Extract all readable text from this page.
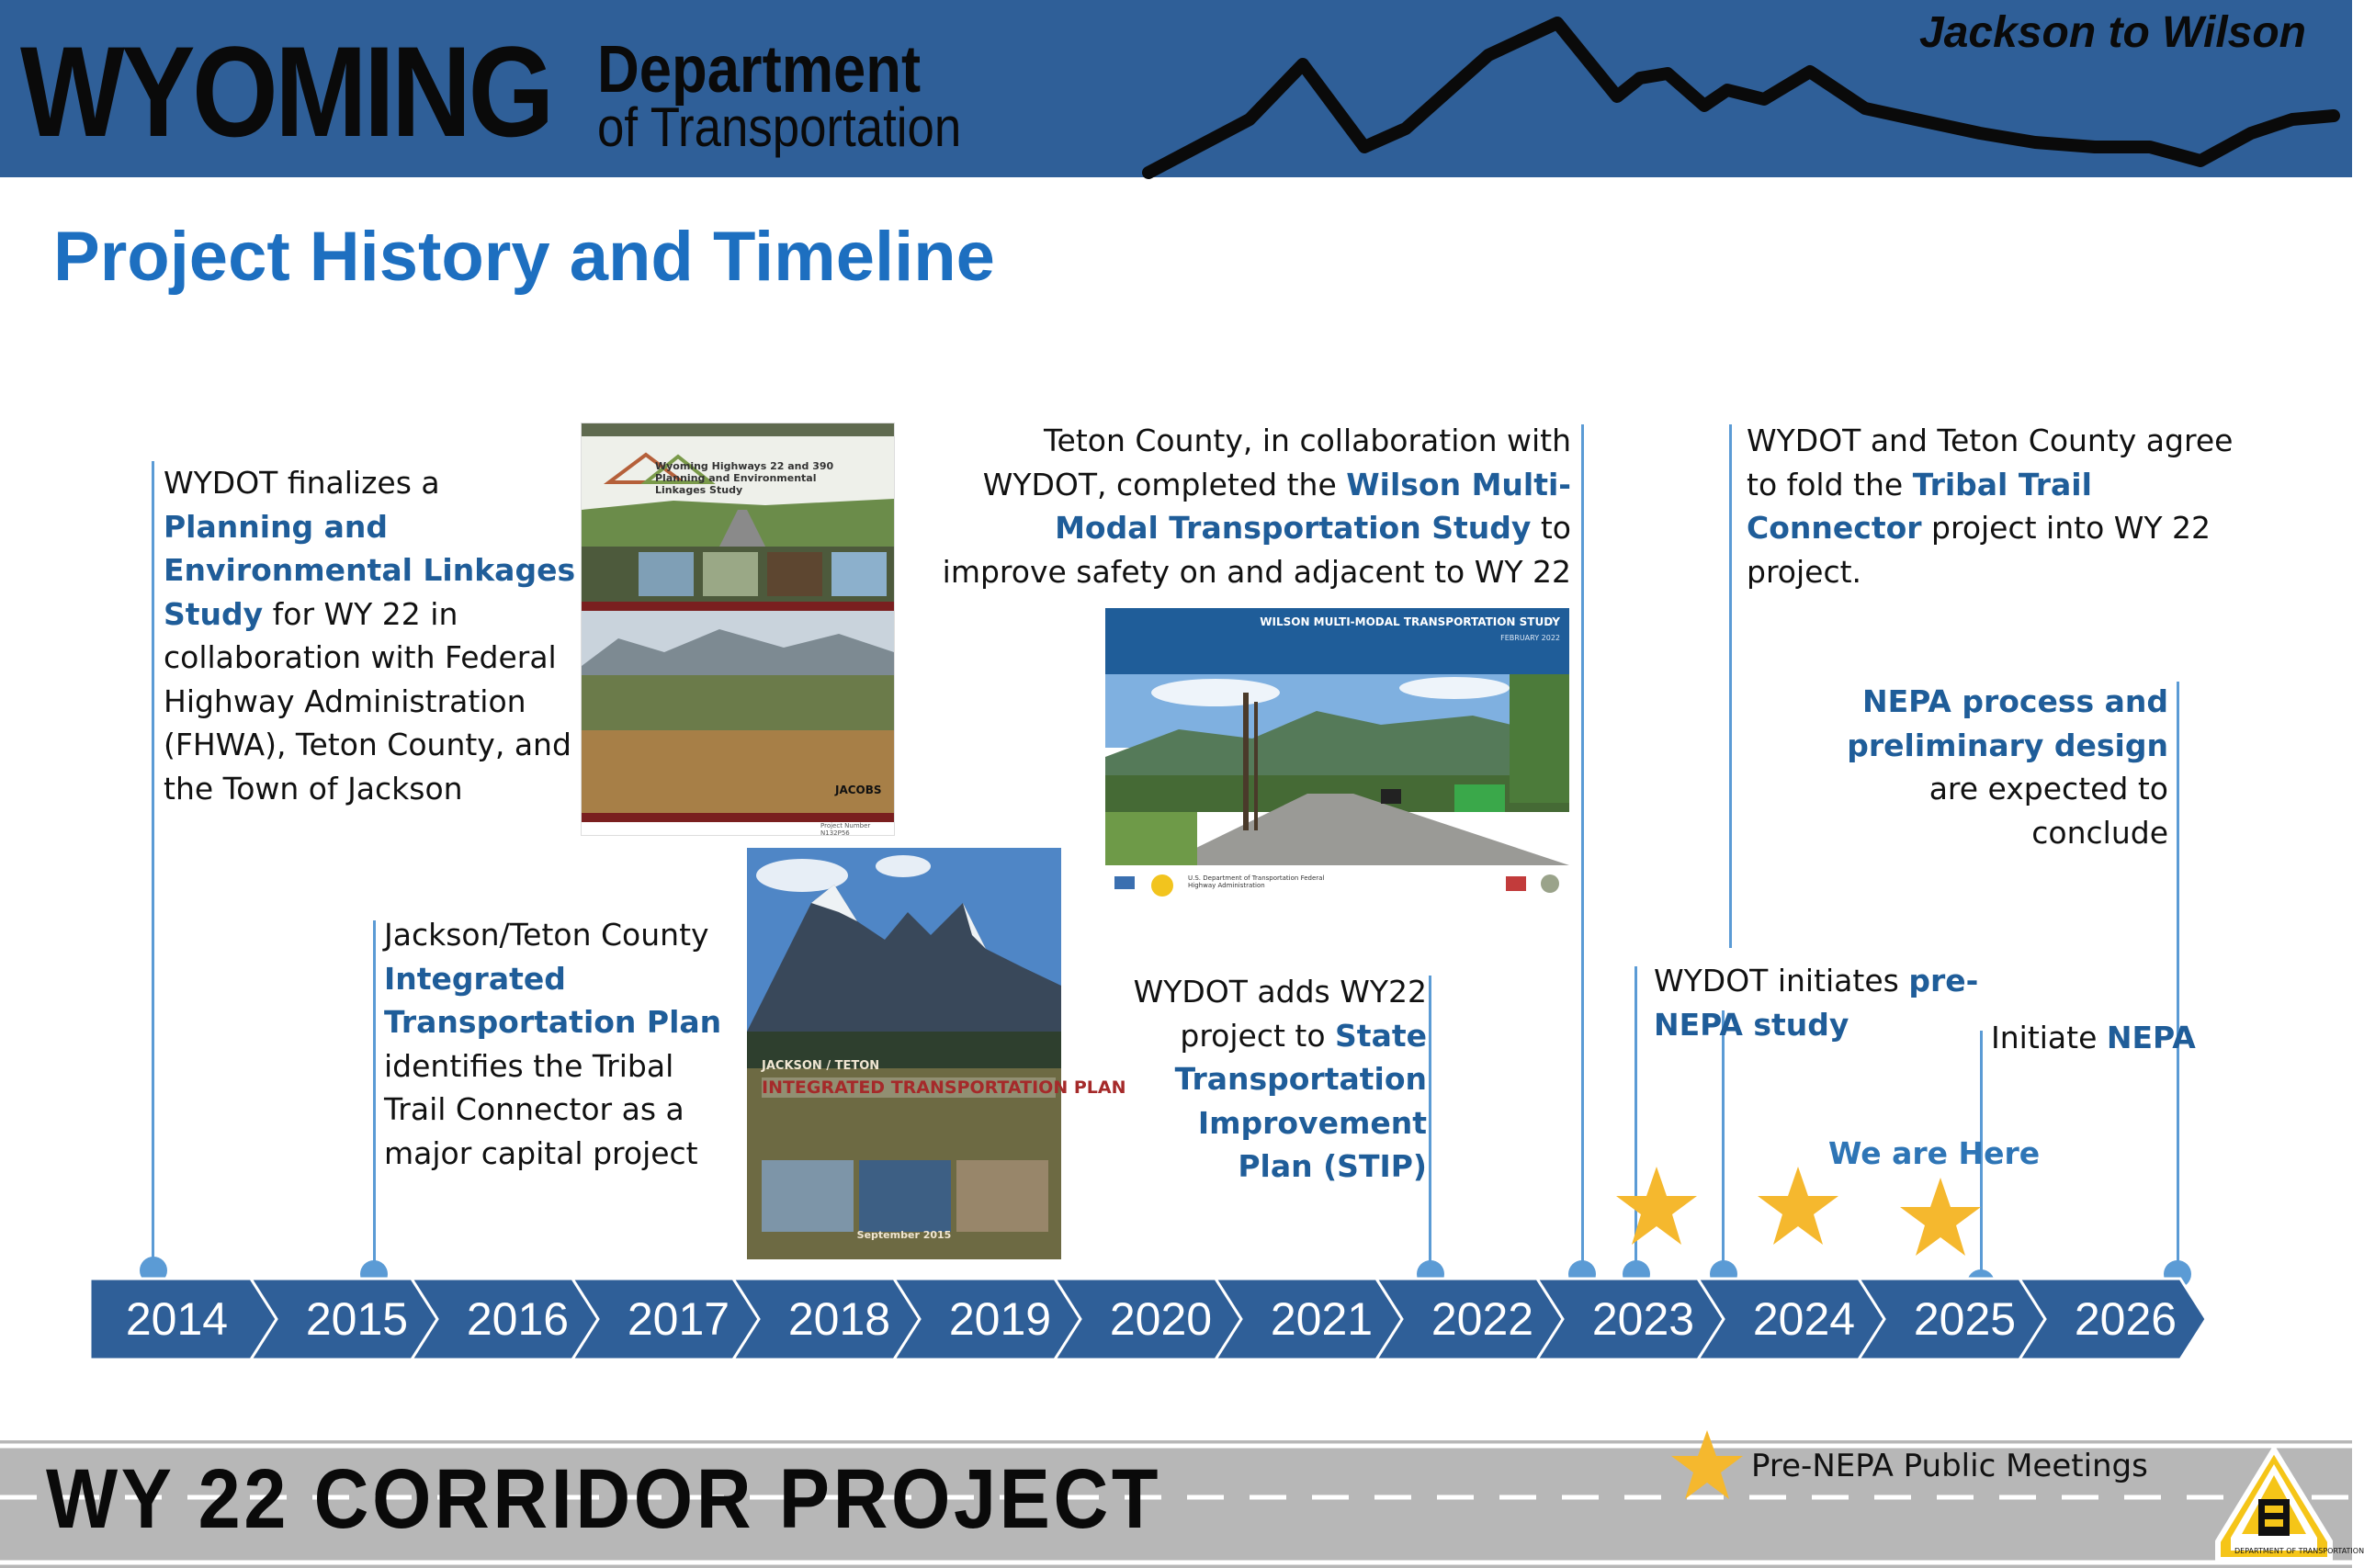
WYOMING Department
of Transportation
Jackson to Wilson
Project History and Timeline
WYDOT finalizes a Planning and Environmental Linkages Study for WY 22 in collaboration with Federal Highway Administration (FHWA), Teton County, and the Town of Jackson
Jackson/Teton County Integrated Transportation Plan identifies the Tribal Trail Connector as a major capital project
Teton County, in collaboration with WYDOT, completed the Wilson Multi-Modal Transportation Study to improve safety on and adjacent to WY 22
WYDOT adds WY22 project to State Transportation Improvement Plan (STIP)
WYDOT and Teton County agree to fold the Tribal Trail Connector project into WY 22 project.
WYDOT initiates pre-NEPA study
NEPA process and preliminary design are expected to conclude
Initiate NEPA
We are Here
Wyoming Highways 22 and 390 Planning and Environmental Linkages Study
JACOBS
Project Number N132P56
JACKSON / TETON
INTEGRATED TRANSPORTATION PLAN
September 2015
WILSON MULTI-MODAL TRANSPORTATION STUDY
FEBRUARY 2022
U.S. Department of Transportation Federal Highway Administration
2014	2015	2016	2017	2018	2019	2020	2021	2022	2023	2024	2025	2026
WY 22 CORRIDOR PROJECT	Pre-NEPA Public Meetings
DEPARTMENT OF TRANSPORTATION
